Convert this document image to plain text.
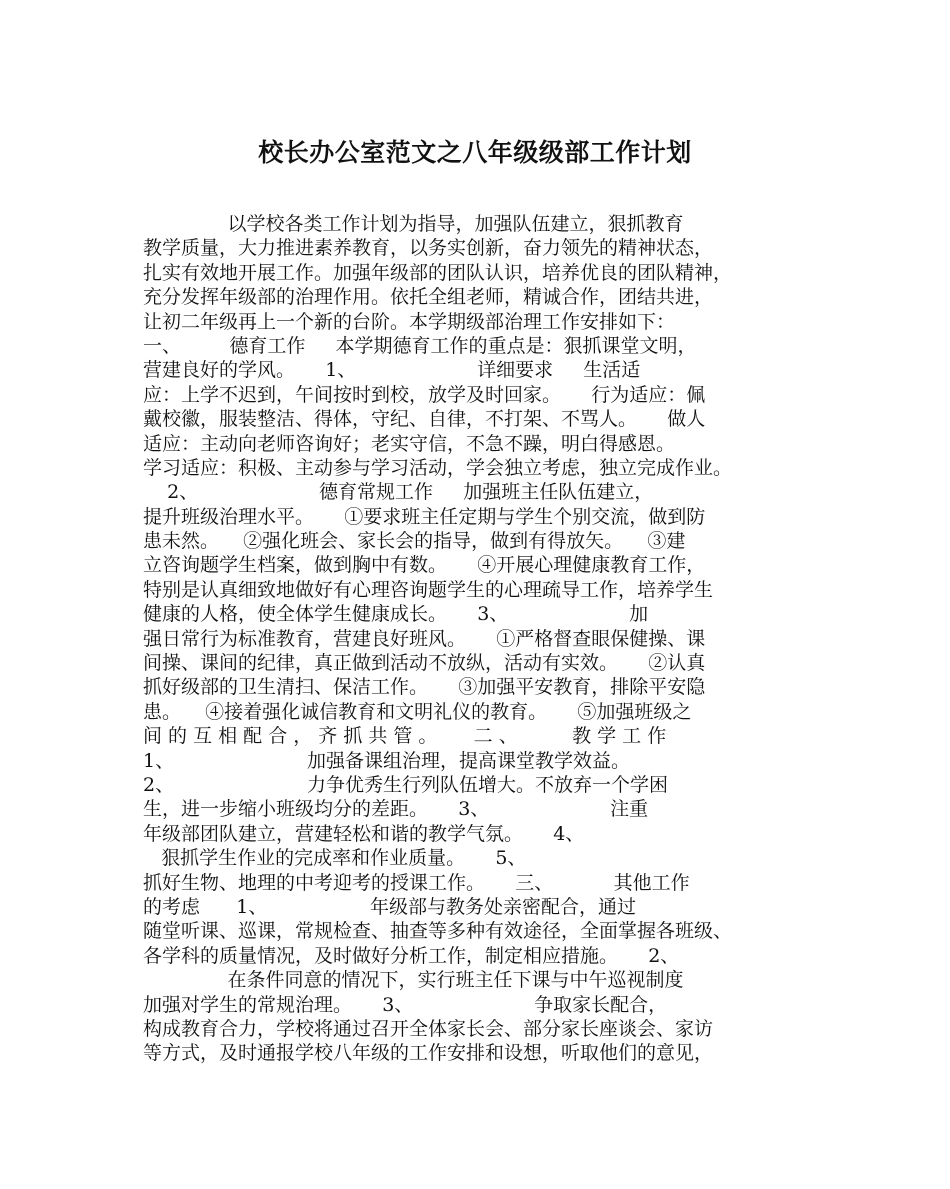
校长办公室范文之八年级级部工作计划
以学校各类工作计划为指导，加强队伍建立，狠抓教育
教学质量，大力推进素养教育，以务实创新，奋力领先的精神状态，
扎实有效地开展工作。加强年级部的团队认识，培养优良的团队精神，
充分发挥年级部的治理作用。依托全组老师，精诚合作，团结共进，
让初二年级再上一个新的台阶。本学期级部治理工作安排如下：
一、        德育工作     本学期德育工作的重点是：狠抓课堂文明，
营建良好的学风。     1、                    详细要求     生活适
应：上学不迟到，午间按时到校，放学及时回家。     行为适应：佩
戴校徽，服装整洁、得体，守纪、自律，不打架、不骂人。     做人
适应：主动向老师咨询好；老实守信，不急不躁，明白得感恩。
学习适应：积极、主动参与学习活动，学会独立考虑，独立完成作业。
2、                    德育常规工作     加强班主任队伍建立，
提升班级治理水平。     ①要求班主任定期与学生个别交流，做到防
患未然。    ②强化班会、家长会的指导，做到有得放矢。    ③建
立咨询题学生档案，做到胸中有数。     ④开展心理健康教育工作，
特别是认真细致地做好有心理咨询题学生的心理疏导工作，培养学生
健康的人格，使全体学生健康成长。     3、                    加
强日常行为标准教育，营建良好班风。     ①严格督查眼保健操、课
间操、课间的纪律，真正做到活动不放纵，活动有实效。     ②认真
抓好级部的卫生清扫、保洁工作。     ③加强平安教育，排除平安隐
患。    ④接着强化诚信教育和文明礼仪的教育。     ⑤加强班级之
间 的 互 相 配 合 ， 齐 抓 共 管 。      二 、         教 学 工 作
1、                      加强备课组治理，提高课堂教学效益。
2、                      力争优秀生行列队伍增大。不放弃一个学困
生，进一步缩小班级均分的差距。     3、                    注重
年级部团队建立，营建轻松和谐的教学气氛。     4、
狠抓学生作业的完成率和作业质量。     5、
抓好生物、地理的中考迎考的授课工作。     三、          其他工作
的考虑      1、                 年级部与教务处亲密配合，通过
随堂听课、巡课，常规检查、抽查等多种有效途径，全面掌握各班级、
各学科的质量情况，及时做好分析工作，制定相应措施。     2、
在条件同意的情况下，实行班主任下课与中午巡视制度
加强对学生的常规治理。     3、                    争取家长配合，
构成教育合力，学校将通过召开全体家长会、部分家长座谈会、家访
等方式，及时通报学校八年级的工作安排和设想，听取他们的意见，
